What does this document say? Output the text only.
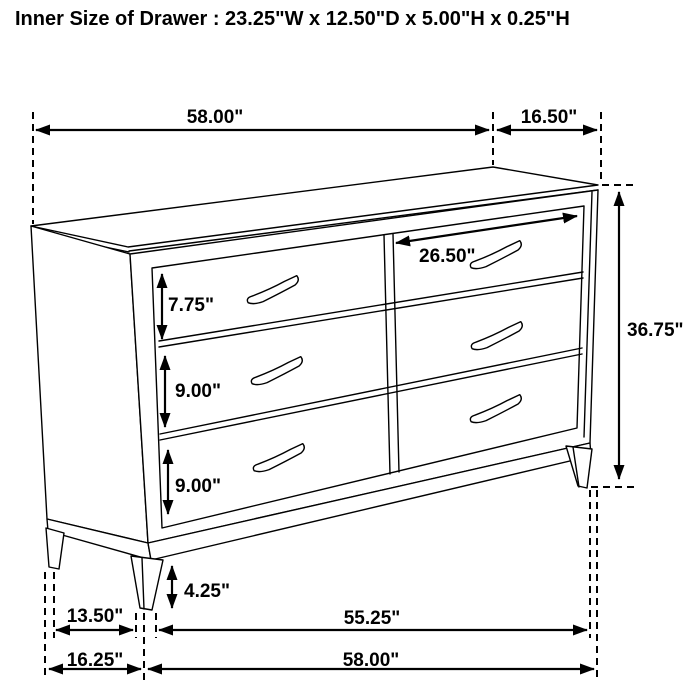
Inner Size of Drawer : 23.25"W x 12.50"D x 5.00"H x 0.25"H
58.00"	16.50"
36.75"
26.50"
7.75"
9.00"
9.00"
4.25"
13.50"	55.25"
16.25"	58.00"
